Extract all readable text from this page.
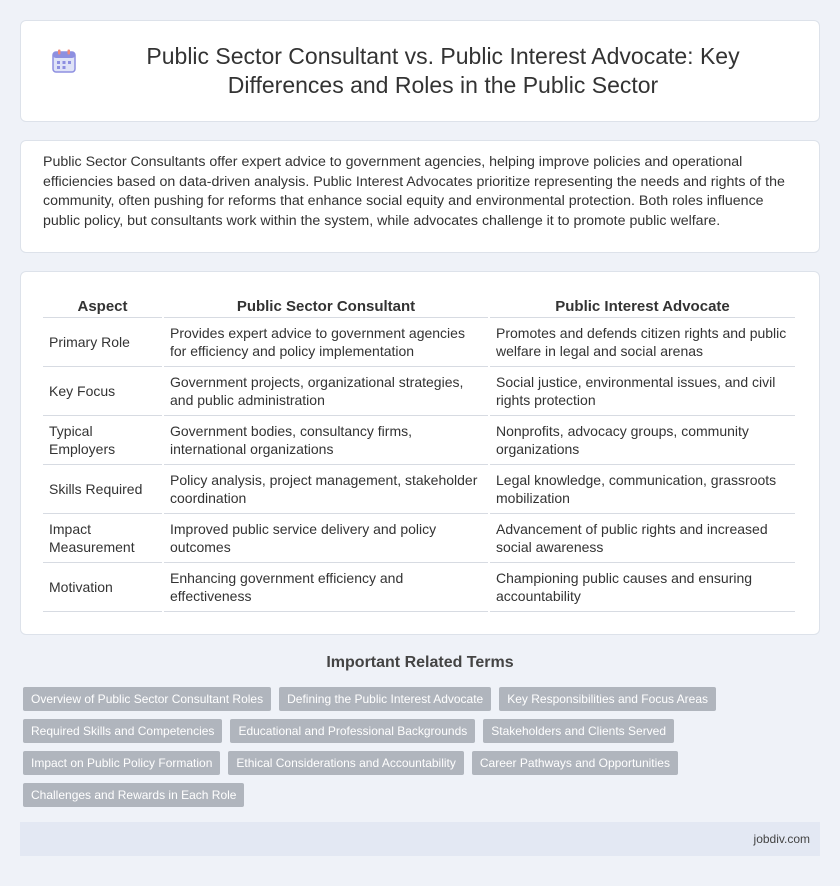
Public Sector Consultant vs. Public Interest Advocate: Key Differences and Roles in the Public Sector

Public Sector Consultants offer expert advice to government agencies, helping improve policies and operational efficiencies based on data-driven analysis. Public Interest Advocates prioritize representing the needs and rights of the community, often pushing for reforms that enhance social equity and environmental protection. Both roles influence public policy, but consultants work within the system, while advocates challenge it to promote public welfare.

Aspect	Public Sector Consultant	Public Interest Advocate
Primary Role	Provides expert advice to government agencies for efficiency and policy implementation	Promotes and defends citizen rights and public welfare in legal and social arenas
Key Focus	Government projects, organizational strategies, and public administration	Social justice, environmental issues, and civil rights protection
Typical Employers	Government bodies, consultancy firms, international organizations	Nonprofits, advocacy groups, community organizations
Skills Required	Policy analysis, project management, stakeholder coordination	Legal knowledge, communication, grassroots mobilization
Impact Measurement	Improved public service delivery and policy outcomes	Advancement of public rights and increased social awareness
Motivation	Enhancing government efficiency and effectiveness	Championing public causes and ensuring accountability
Important Related Terms
Overview of Public Sector Consultant Roles	Defining the Public Interest Advocate	Key Responsibilities and Focus Areas
Required Skills and Competencies	Educational and Professional Backgrounds	Stakeholders and Clients Served
Impact on Public Policy Formation	Ethical Considerations and Accountability	Career Pathways and Opportunities
Challenges and Rewards in Each Role
jobdiv.com
